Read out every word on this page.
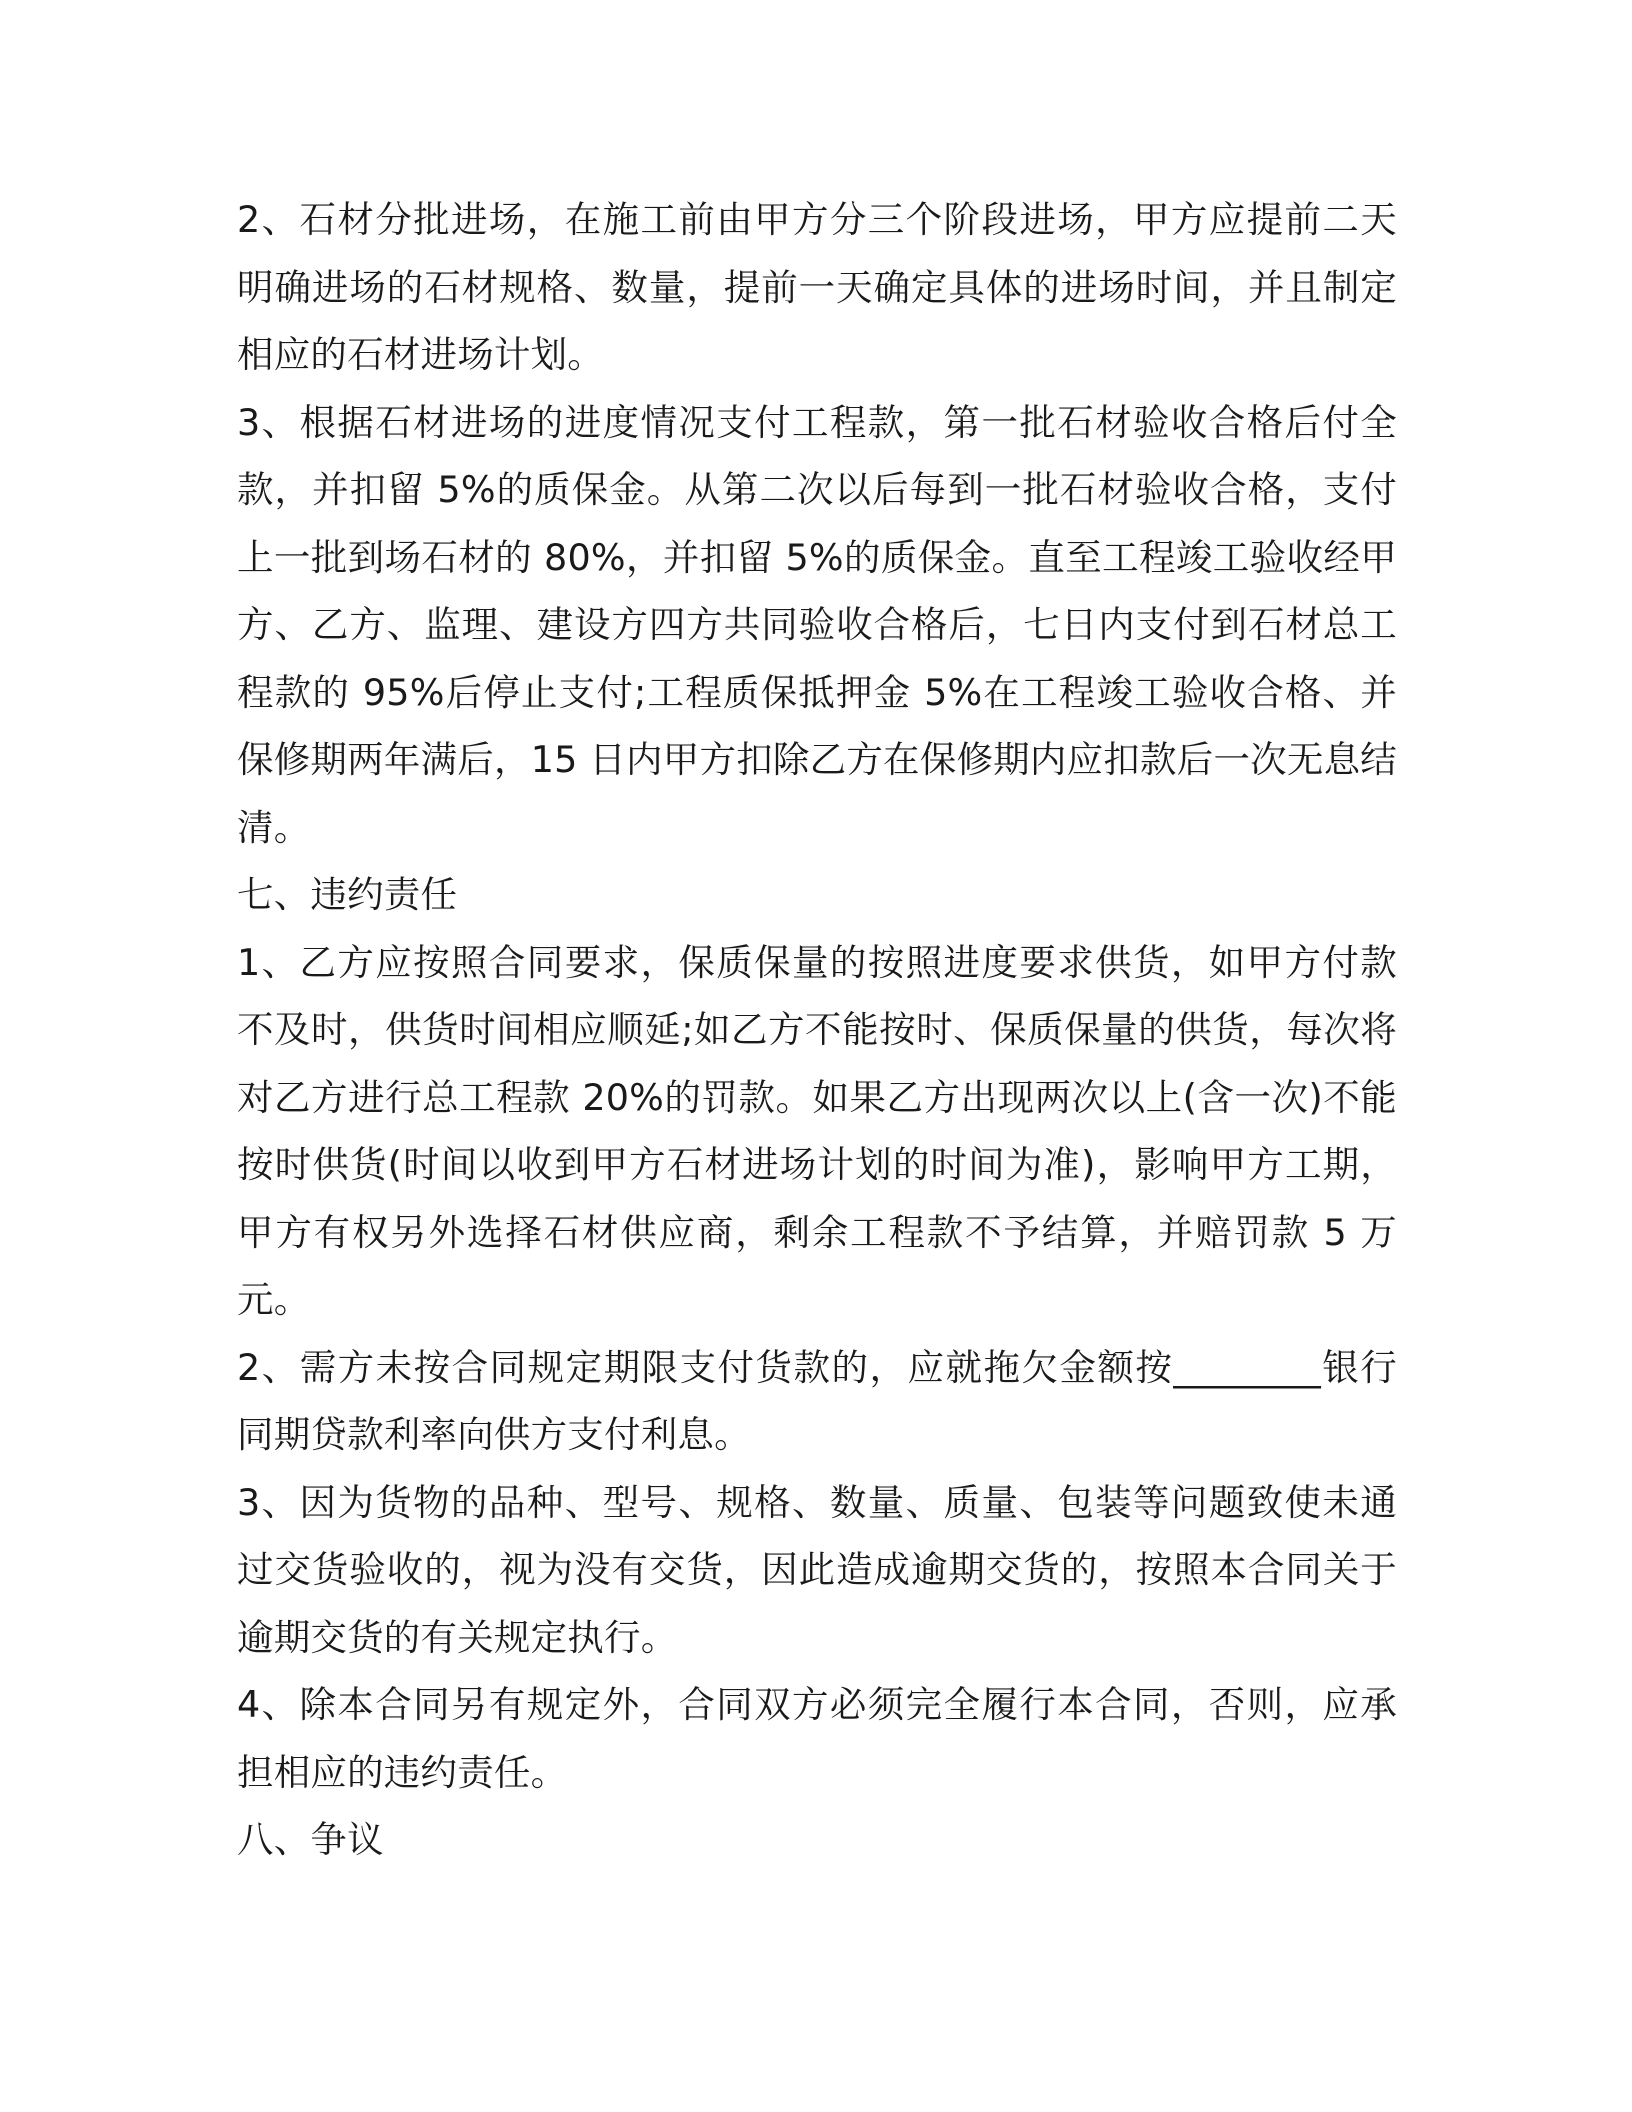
2、石材分批进场，在施工前由甲方分三个阶段进场，甲方应提前二天明确进场的石材规格、数量，提前一天确定具体的进场时间，并且制定相应的石材进场计划。

3、根据石材进场的进度情况支付工程款，第一批石材验收合格后付全款，并扣留 5%的质保金。从第二次以后每到一批石材验收合格，支付上一批到场石材的 80%，并扣留 5%的质保金。直至工程竣工验收经甲方、乙方、监理、建设方四方共同验收合格后，七日内支付到石材总工程款的 95%后停止支付;工程质保抵押金 5%在工程竣工验收合格、并保修期两年满后，15 日内甲方扣除乙方在保修期内应扣款后一次无息结清。

七、违约责任

1、乙方应按照合同要求，保质保量的按照进度要求供货，如甲方付款不及时，供货时间相应顺延;如乙方不能按时、保质保量的供货，每次将对乙方进行总工程款 20%的罚款。如果乙方出现两次以上(含一次)不能按时供货(时间以收到甲方石材进场计划的时间为准)，影响甲方工期，甲方有权另外选择石材供应商，剩余工程款不予结算，并赔罚款 5 万元。

2、需方未按合同规定期限支付货款的，应就拖欠金额按________银行同期贷款利率向供方支付利息。

3、因为货物的品种、型号、规格、数量、质量、包装等问题致使未通过交货验收的，视为没有交货，因此造成逾期交货的，按照本合同关于逾期交货的有关规定执行。

4、除本合同另有规定外，合同双方必须完全履行本合同，否则，应承担相应的违约责任。

八、争议
